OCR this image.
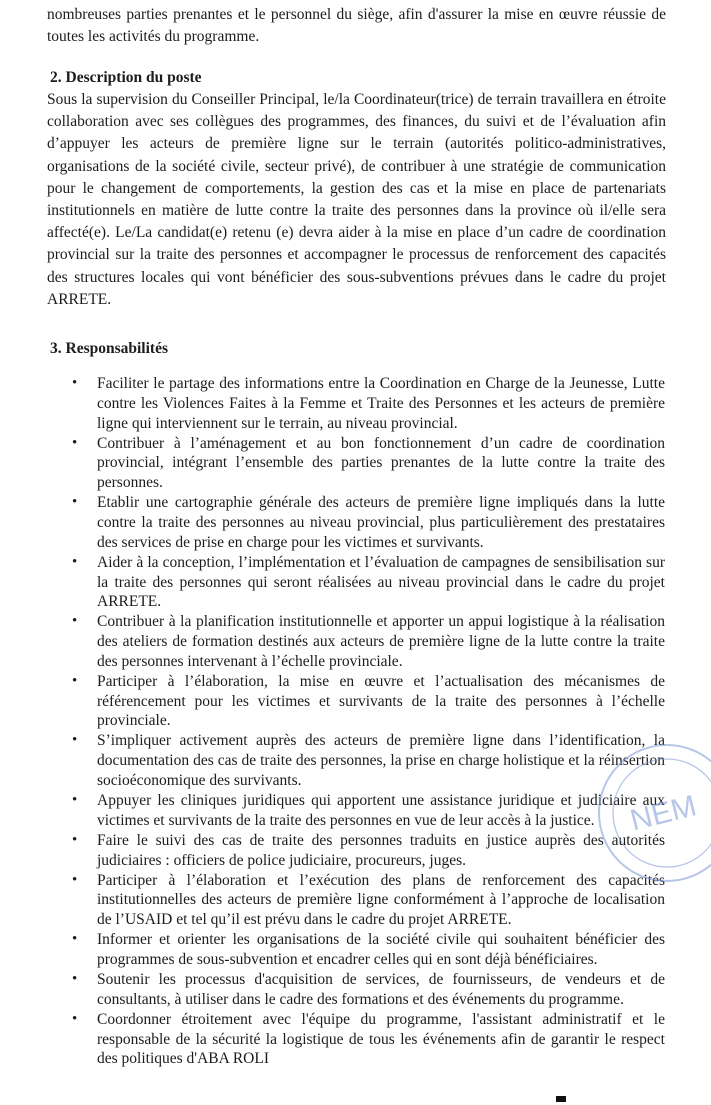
nombreuses parties prenantes et le personnel du siège, afin d'assurer la mise en œuvre réussie de toutes les activités du programme.

2. Description du poste

Sous la supervision du Conseiller Principal, le/la Coordinateur(trice) de terrain travaillera en étroite collaboration avec ses collègues des programmes, des finances, du suivi et de l’évaluation afin d’appuyer les acteurs de première ligne sur le terrain (autorités politico-administratives, organisations de la société civile, secteur privé), de contribuer à une stratégie de communication pour le changement de comportements, la gestion des cas et la mise en place de partenariats institutionnels en matière de lutte contre la traite des personnes dans la province où il/elle sera affecté(e). Le/La candidat(e) retenu (e) devra aider à la mise en place d’un cadre de coordination provincial sur la traite des personnes et accompagner le processus de renforcement des capacités des structures locales qui vont bénéficier des sous-subventions prévues dans le cadre du projet ARRETE.

3. Responsabilités

• Faciliter le partage des informations entre la Coordination en Charge de la Jeunesse, Lutte contre les Violences Faites à la Femme et Traite des Personnes et les acteurs de première ligne qui interviennent sur le terrain, au niveau provincial.
• Contribuer à l’aménagement et au bon fonctionnement d’un cadre de coordination provincial, intégrant l’ensemble des parties prenantes de la lutte contre la traite des personnes.
• Etablir une cartographie générale des acteurs de première ligne impliqués dans la lutte contre la traite des personnes au niveau provincial, plus particulièrement des prestataires des services de prise en charge pour les victimes et survivants.
• Aider à la conception, l’implémentation et l’évaluation de campagnes de sensibilisation sur la traite des personnes qui seront réalisées au niveau provincial dans le cadre du projet ARRETE.
• Contribuer à la planification institutionnelle et apporter un appui logistique à la réalisation des ateliers de formation destinés aux acteurs de première ligne de la lutte contre la traite des personnes intervenant à l’échelle provinciale.
• Participer à l’élaboration, la mise en œuvre et l’actualisation des mécanismes de référencement pour les victimes et survivants de la traite des personnes à l’échelle provinciale.
• S’impliquer activement auprès des acteurs de première ligne dans l’identification, la documentation des cas de traite des personnes, la prise en charge holistique et la réinsertion socioéconomique des survivants.
• Appuyer les cliniques juridiques qui apportent une assistance juridique et judiciaire aux victimes et survivants de la traite des personnes en vue de leur accès à la justice.
• Faire le suivi des cas de traite des personnes traduits en justice auprès des autorités judiciaires : officiers de police judiciaire, procureurs, juges.
• Participer à l’élaboration et l’exécution des plans de renforcement des capacités institutionnelles des acteurs de première ligne conformément à l’approche de localisation de l’USAID et tel qu’il est prévu dans le cadre du projet ARRETE.
• Informer et orienter les organisations de la société civile qui souhaitent bénéficier des programmes de sous-subvention et encadrer celles qui en sont déjà bénéficiaires.
• Soutenir les processus d'acquisition de services, de fournisseurs, de vendeurs et de consultants, à utiliser dans le cadre des formations et des événements du programme.
• Coordonner étroitement avec l'équipe du programme, l'assistant administratif et le responsable de la sécurité la logistique de tous les événements afin de garantir le respect des politiques d'ABA ROLI
NEM
